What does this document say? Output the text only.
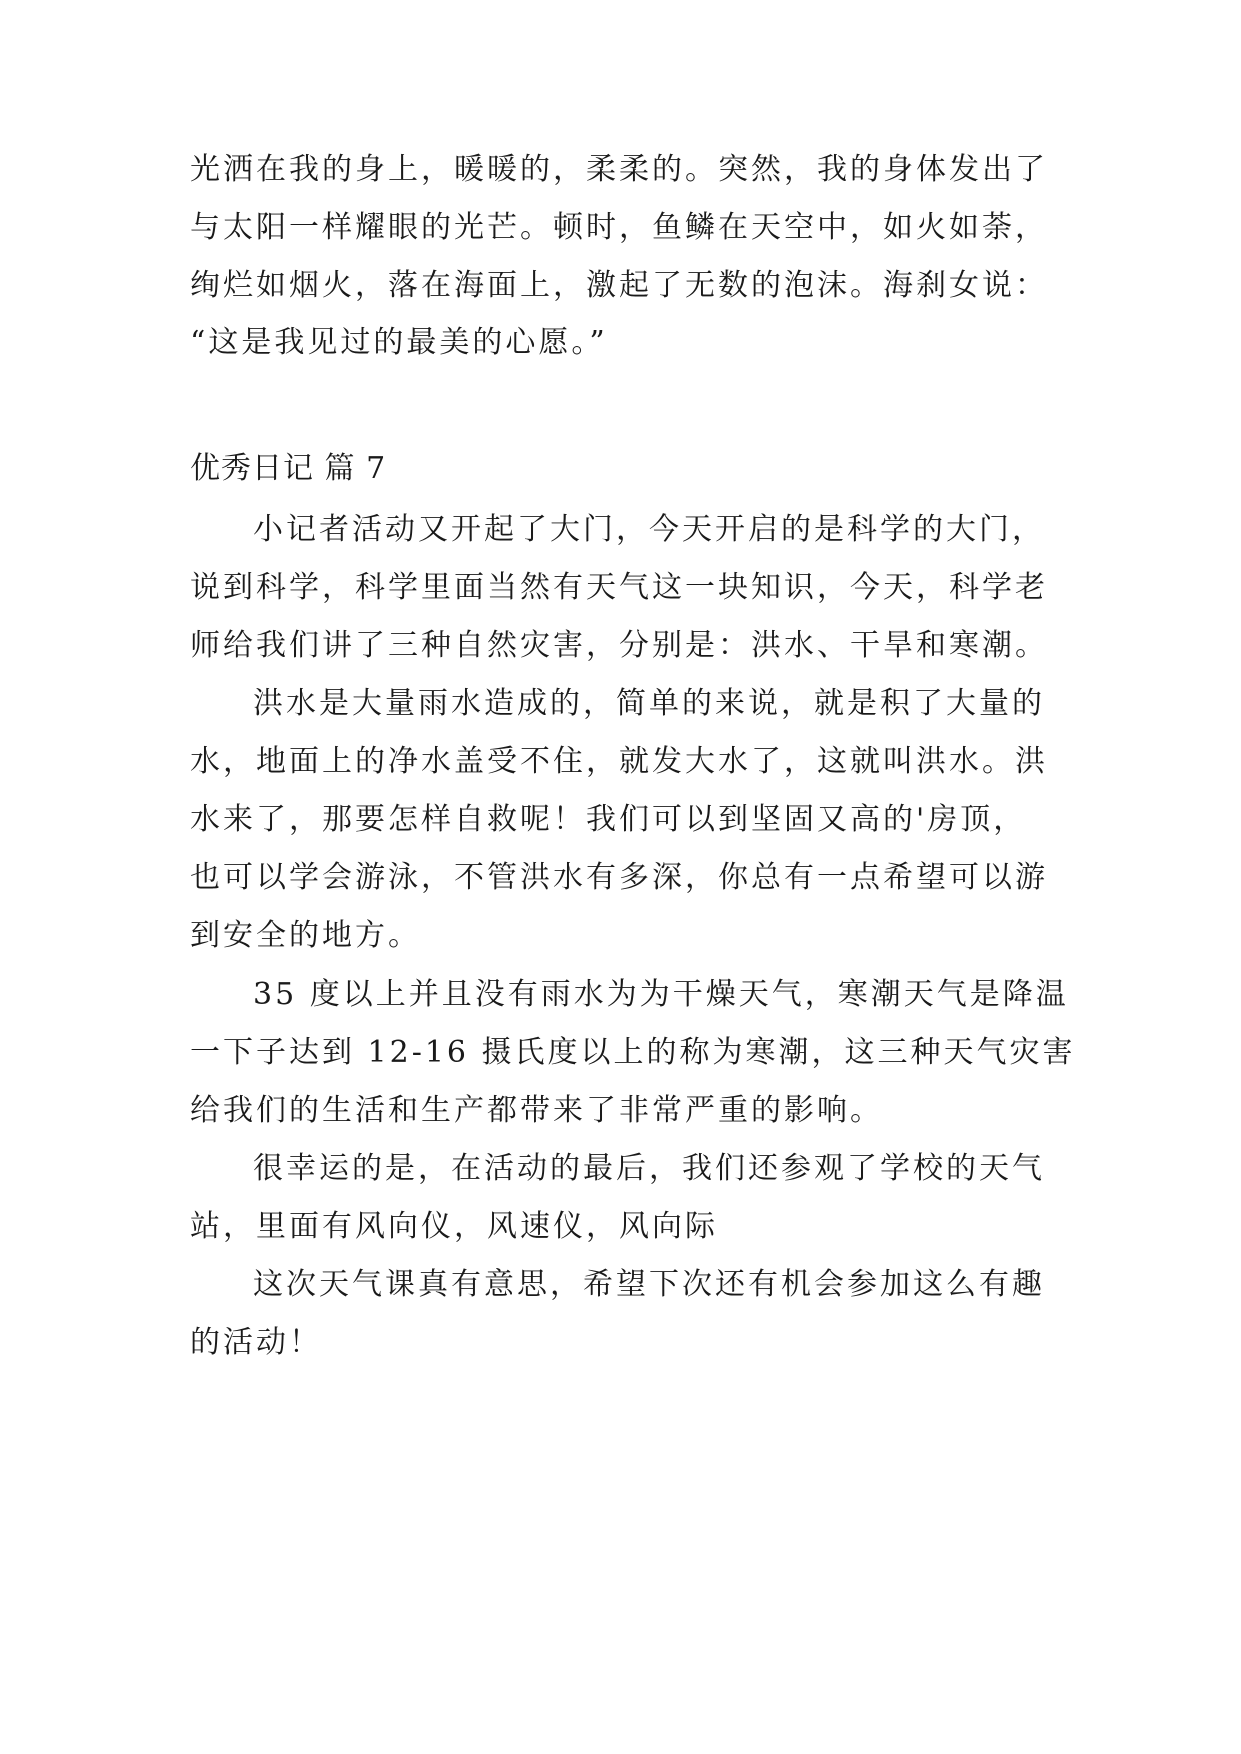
光洒在我的身上，暖暖的，柔柔的。突然，我的身体发出了
与太阳一样耀眼的光芒。顿时，鱼鳞在天空中，如火如荼，
绚烂如烟火，落在海面上，激起了无数的泡沫。海刹女说：
“这是我见过的最美的心愿。”
优秀日记 篇 7
小记者活动又开起了大门，今天开启的是科学的大门，
说到科学，科学里面当然有天气这一块知识，今天，科学老
师给我们讲了三种自然灾害，分别是：洪水、干旱和寒潮。
洪水是大量雨水造成的，简单的来说，就是积了大量的
水，地面上的净水盖受不住，就发大水了，这就叫洪水。洪
水来了，那要怎样自救呢！我们可以到坚固又高的'房顶，
也可以学会游泳，不管洪水有多深，你总有一点希望可以游
到安全的地方。
35 度以上并且没有雨水为为干燥天气，寒潮天气是降温
一下子达到 12-16 摄氏度以上的称为寒潮，这三种天气灾害
给我们的生活和生产都带来了非常严重的影响。
很幸运的是，在活动的最后，我们还参观了学校的天气
站，里面有风向仪，风速仪，风向际
这次天气课真有意思，希望下次还有机会参加这么有趣
的活动！
